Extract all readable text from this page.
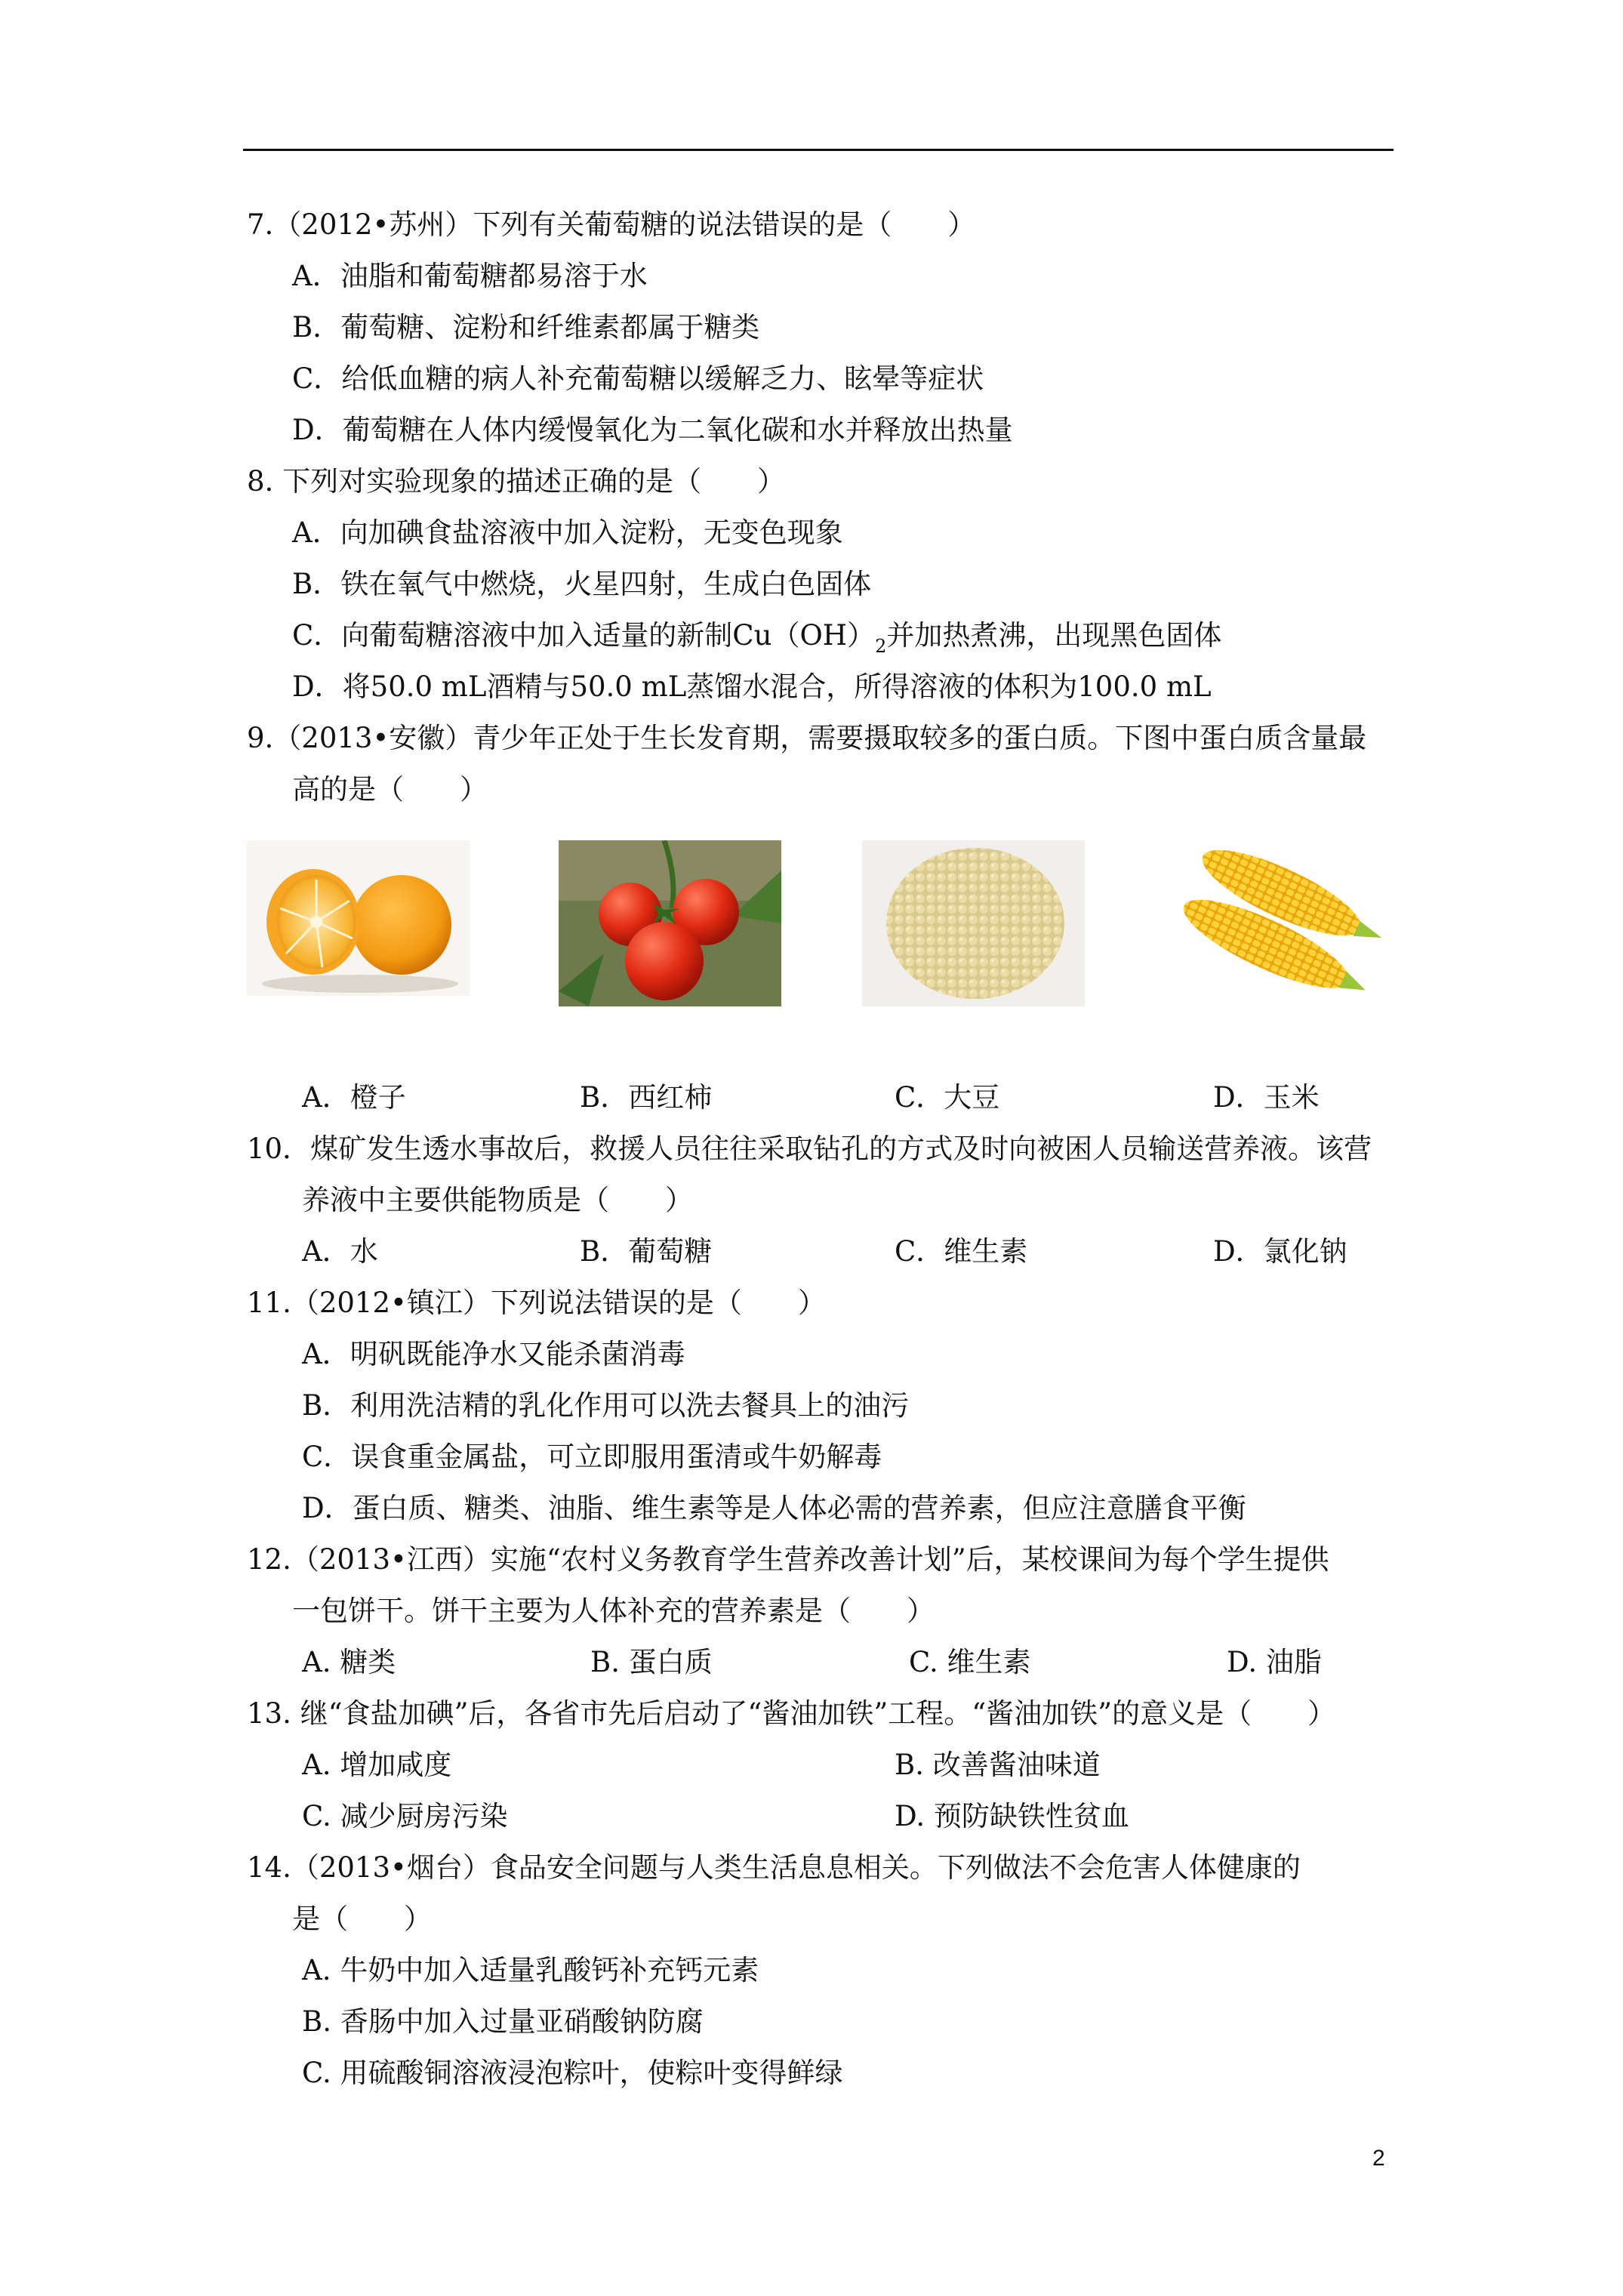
7.（2012•苏州）下列有关葡萄糖的说法错误的是（　　）
A．油脂和葡萄糖都易溶于水
B．葡萄糖、淀粉和纤维素都属于糖类
C．给低血糖的病人补充葡萄糖以缓解乏力、眩晕等症状
D．葡萄糖在人体内缓慢氧化为二氧化碳和水并释放出热量
8. 下列对实验现象的描述正确的是（　　）
A．向加碘食盐溶液中加入淀粉，无变色现象
B．铁在氧气中燃烧，火星四射，生成白色固体
C．向葡萄糖溶液中加入适量的新制$Cu(OH)_2$并加热煮沸，出现黑色固体
D．将50.0 mL酒精与50.0 mL蒸馏水混合，所得溶液的体积为100.0 mL
9.（2013•安徽）青少年正处于生长发育期，需要摄取较多的蛋白质。下图中蛋白质含量最
高的是（　　）
A．橙子	B．西红柿	C．大豆	D．玉米
10．煤矿发生透水事故后，救援人员往往采取钻孔的方式及时向被困人员输送营养液。该营
养液中主要供能物质是（　　）
A．水	B．葡萄糖	C．维生素	D．氯化钠
11.（2012•镇江）下列说法错误的是（　　）
A．明矾既能净水又能杀菌消毒
B．利用洗洁精的乳化作用可以洗去餐具上的油污
C．误食重金属盐，可立即服用蛋清或牛奶解毒
D．蛋白质、糖类、油脂、维生素等是人体必需的营养素，但应注意膳食平衡
12.（2013•江西）实施“农村义务教育学生营养改善计划”后，某校课间为每个学生提供
一包饼干。饼干主要为人体补充的营养素是（　　）
A. 糖类	B. 蛋白质	C. 维生素	D. 油脂
13. 继“食盐加碘”后，各省市先后启动了“酱油加铁”工程。“酱油加铁”的意义是（　　）
A. 增加咸度	B. 改善酱油味道
C. 减少厨房污染	D. 预防缺铁性贫血
14.（2013•烟台）食品安全问题与人类生活息息相关。下列做法不会危害人体健康的
是（　　）
A. 牛奶中加入适量乳酸钙补充钙元素
B. 香肠中加入过量亚硝酸钠防腐
C. 用硫酸铜溶液浸泡粽叶，使粽叶变得鲜绿
2
